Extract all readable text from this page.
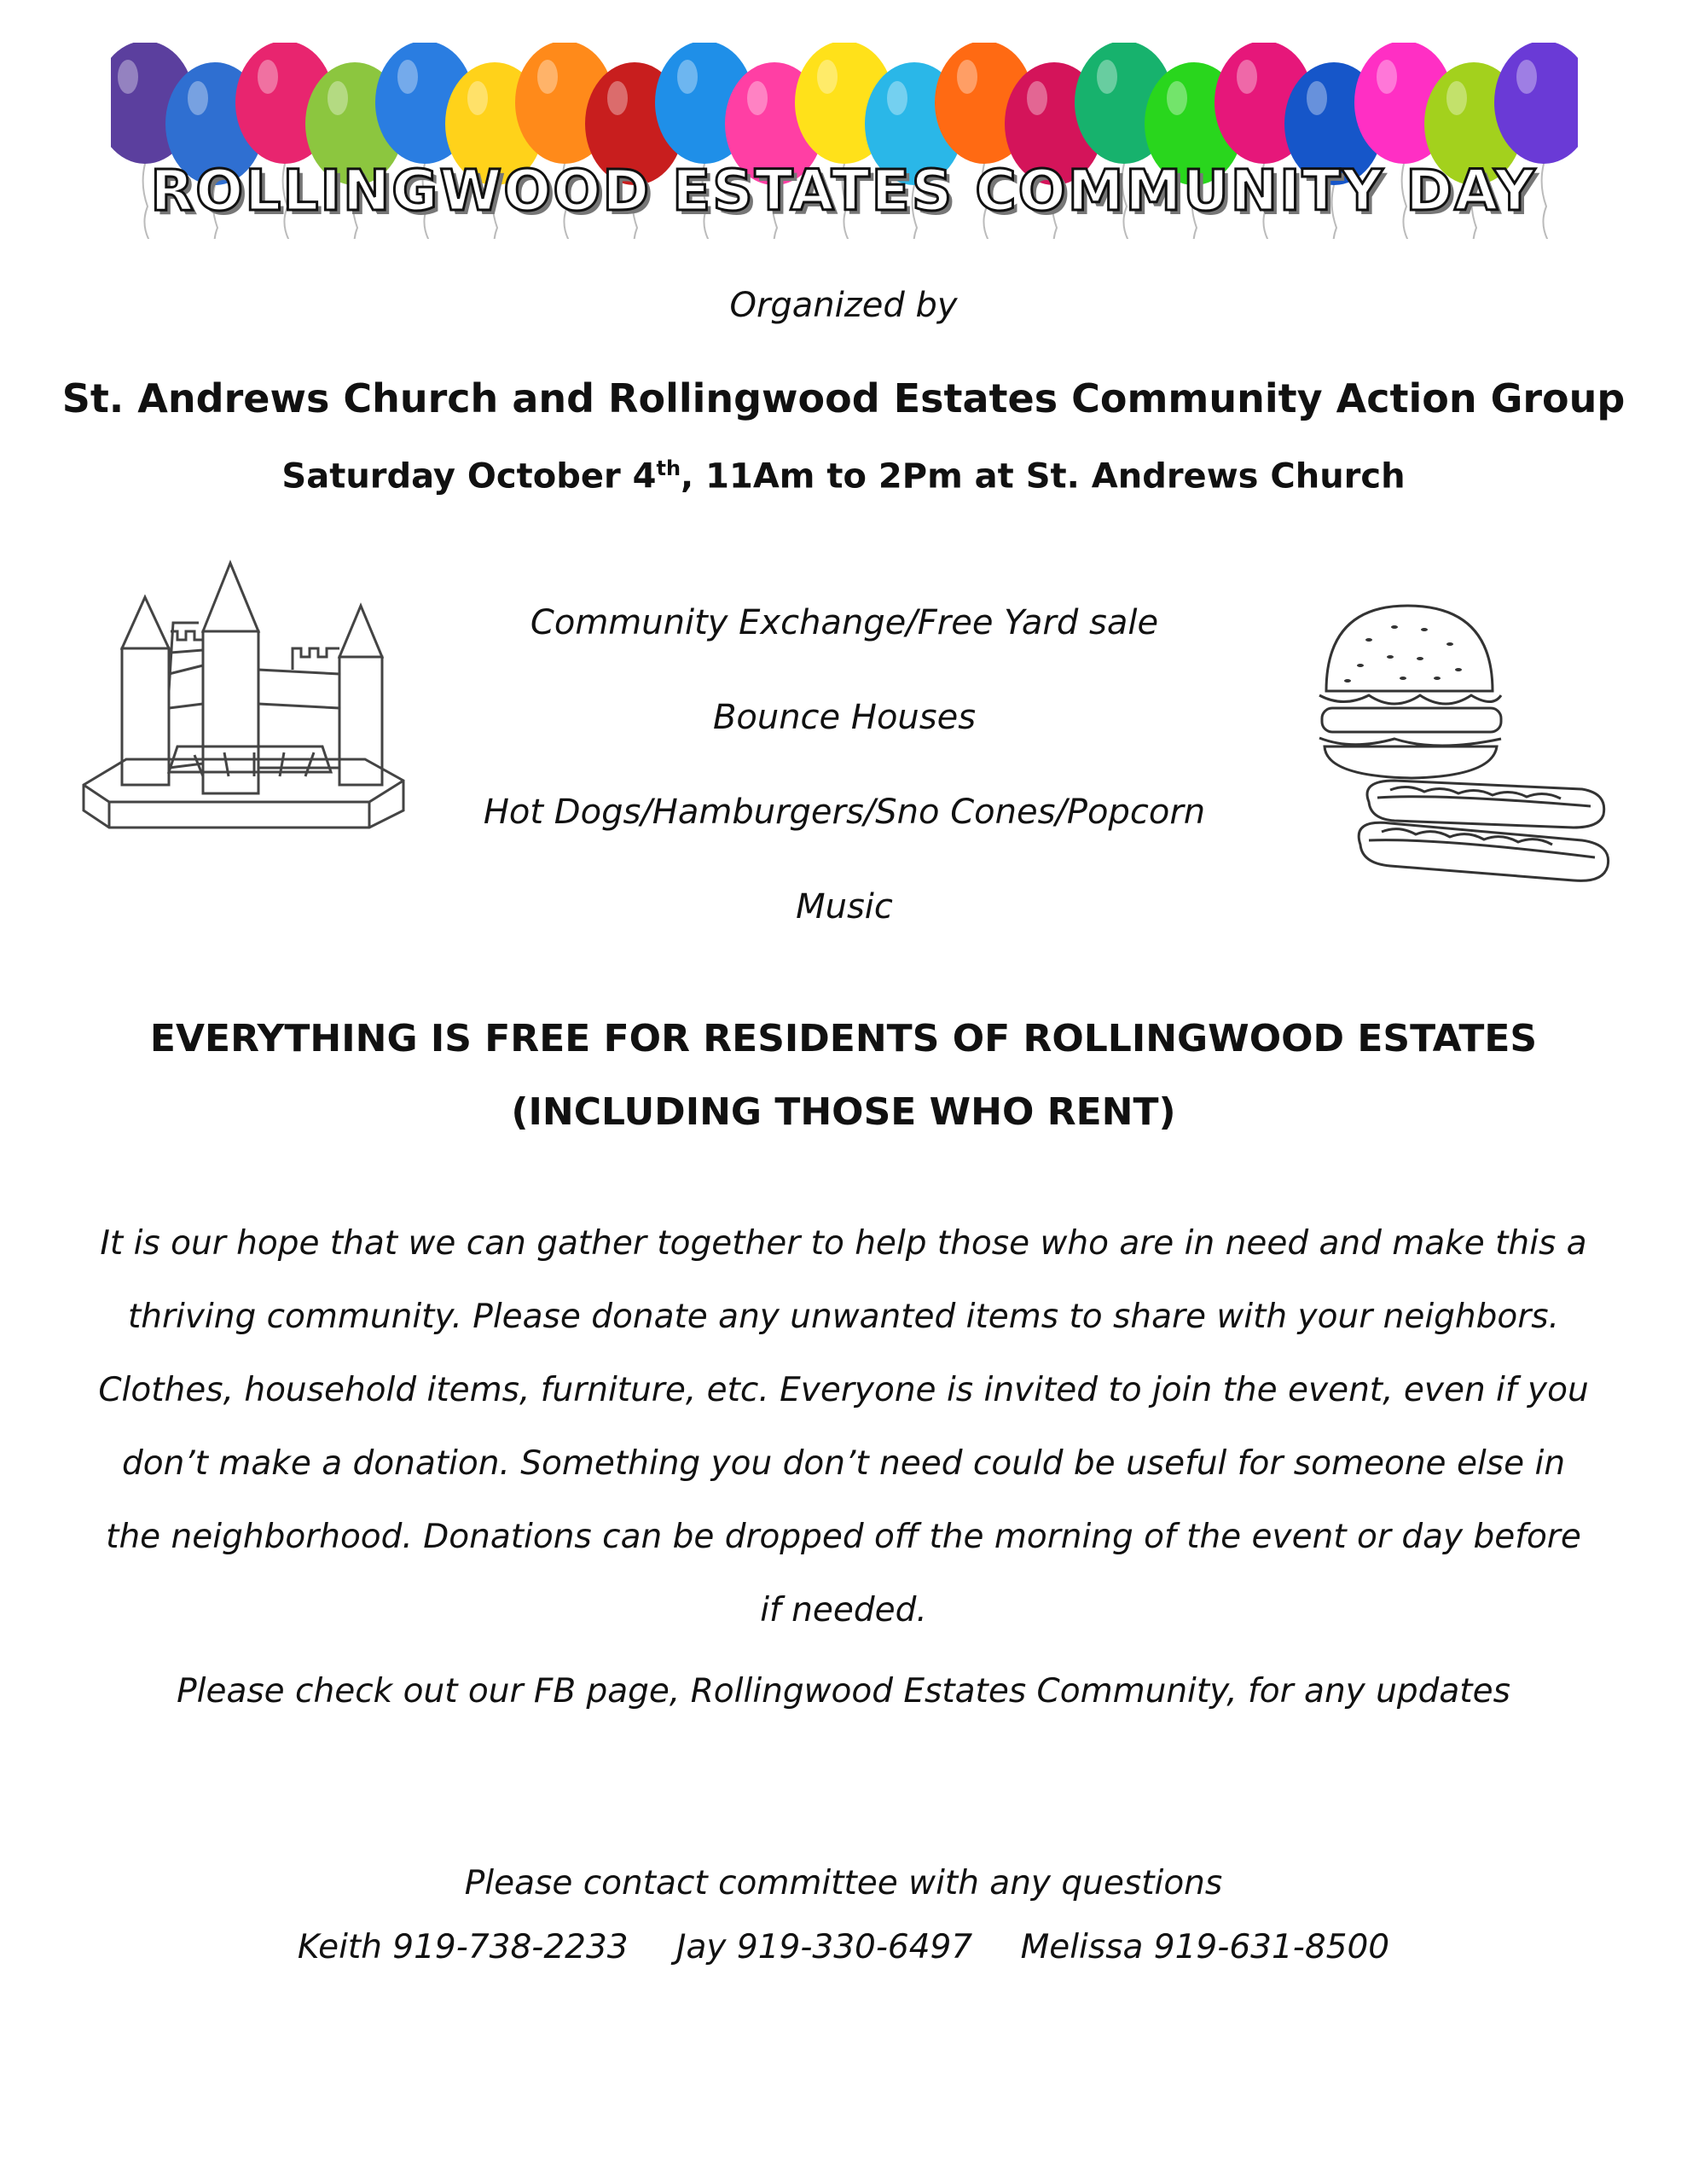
ROLLINGWOOD ESTATES COMMUNITY DAY
Organized by
St. Andrews Church and Rollingwood Estates Community Action Group
Saturday October 4th, 11Am to 2Pm at St. Andrews Church
Community Exchange/Free Yard sale
Bounce Houses
Hot Dogs/Hamburgers/Sno Cones/Popcorn
Music
EVERYTHING IS FREE FOR RESIDENTS OF ROLLINGWOOD ESTATES
(INCLUDING THOSE WHO RENT)
It is our hope that we can gather together to help those who are in need and make this a thriving community. Please donate any unwanted items to share with your neighbors. Clothes, household items, furniture, etc. Everyone is invited to join the event, even if you don’t make a donation. Something you don’t need could be useful for someone else in the neighborhood. Donations can be dropped off the morning of the event or day before if needed.
Please check out our FB page, Rollingwood Estates Community, for any updates
Please contact committee with any questions
Keith 919-738-2233 Jay 919-330-6497 Melissa 919-631-8500
